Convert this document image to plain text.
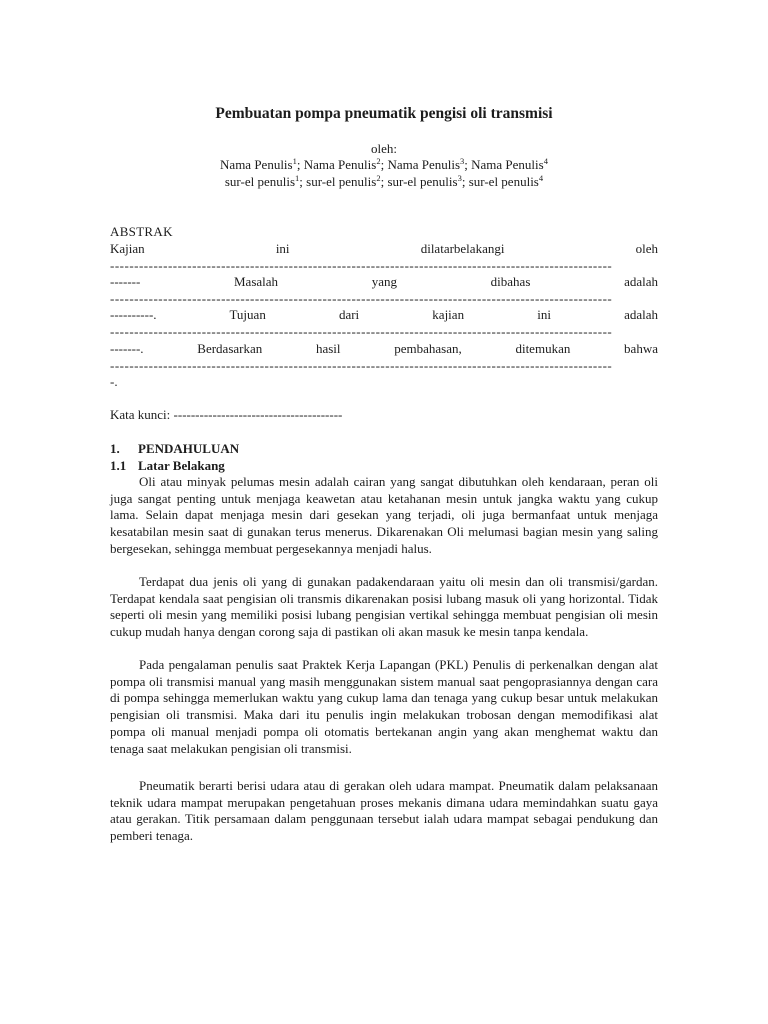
Pembuatan pompa pneumatik pengisi oli transmisi
oleh:
Nama Penulis$^1$; Nama Penulis$^2$; Nama Penulis$^3$; Nama Penulis$^4$
sur-el penulis$^1$; sur-el penulis$^2$; sur-el penulis$^3$; sur-el penulis$^4$
ABSTRAK
Kajian ini dilatarbelakangi oleh
--------------------------------------------------------------------------------------------------------
------- Masalah yang dibahas adalah
--------------------------------------------------------------------------------------------------------
----------. Tujuan dari kajian ini adalah
--------------------------------------------------------------------------------------------------------
-------. Berdasarkan hasil pembahasan, ditemukan bahwa
--------------------------------------------------------------------------------------------------------
-.
Kata kunci: ---------------------------------------
1. PENDAHULUAN
1.1 Latar Belakang
Oli atau minyak pelumas mesin adalah cairan yang sangat dibutuhkan oleh kendaraan, peran oli juga sangat penting untuk menjaga keawetan atau ketahanan mesin untuk jangka waktu yang cukup lama. Selain dapat menjaga mesin dari gesekan yang terjadi, oli juga bermanfaat untuk menjaga kesatabilan mesin saat di gunakan terus menerus. Dikarenakan Oli melumasi bagian mesin yang saling bergesekan, sehingga membuat pergesekannya menjadi halus.
Terdapat dua jenis oli yang di gunakan padakendaraan yaitu oli mesin dan oli transmisi/gardan. Terdapat kendala saat pengisian oli transmis dikarenakan posisi lubang masuk oli yang horizontal. Tidak seperti oli mesin yang memiliki posisi lubang pengisian vertikal sehingga membuat pengisian oli mesin cukup mudah hanya dengan corong saja di pastikan oli akan masuk ke mesin tanpa kendala.
Pada pengalaman penulis saat Praktek Kerja Lapangan (PKL) Penulis di perkenalkan dengan alat pompa oli transmisi manual yang masih menggunakan sistem manual saat pengoprasiannya dengan cara di pompa sehingga memerlukan waktu yang cukup lama dan tenaga yang cukup besar untuk melakukan pengisian oli transmisi. Maka dari itu penulis ingin melakukan trobosan dengan memodifikasi alat pompa oli manual menjadi pompa oli otomatis bertekanan angin yang akan menghemat waktu dan tenaga saat melakukan pengisian oli transmisi.
Pneumatik berarti berisi udara atau di gerakan oleh udara mampat. Pneumatik dalam pelaksanaan teknik udara mampat merupakan pengetahuan proses mekanis dimana udara memindahkan suatu gaya atau gerakan. Titik persamaan dalam penggunaan tersebut ialah udara mampat sebagai pendukung dan pemberi tenaga.
